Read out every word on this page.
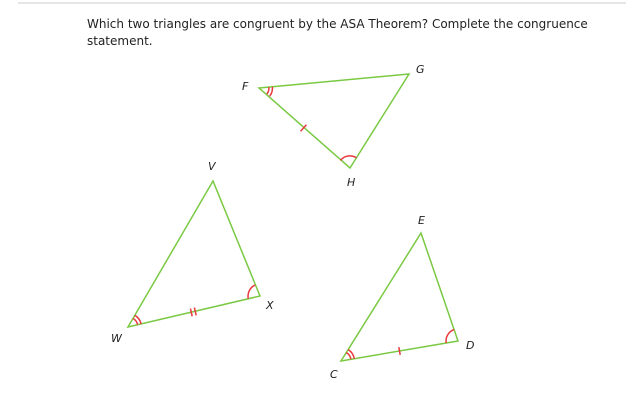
Which two triangles are congruent by the ASA Theorem? Complete the congruence statement.

F
G
H
V
W
X
C
D
E
